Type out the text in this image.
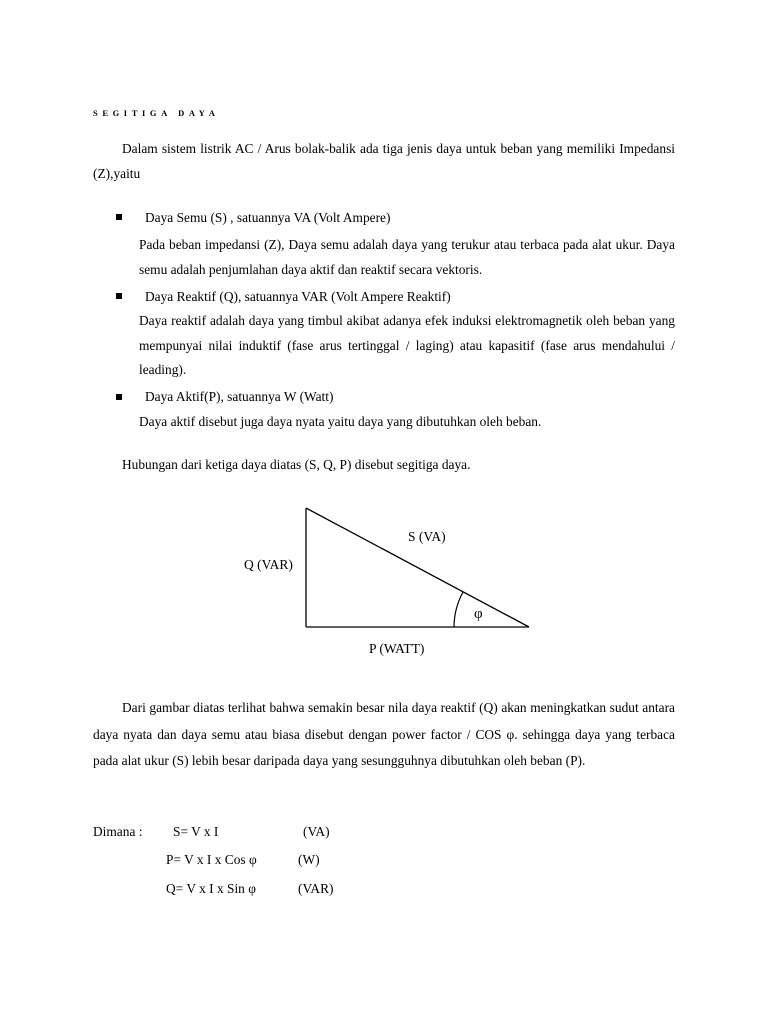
SEGITIGA DAYA

Dalam sistem listrik AC / Arus bolak-balik ada tiga jenis daya untuk beban yang memiliki Impedansi (Z),yaitu

Daya Semu (S) , satuannya VA (Volt Ampere)

Pada beban impedansi (Z), Daya semu adalah daya yang terukur atau terbaca pada alat ukur. Daya semu adalah penjumlahan daya aktif dan reaktif secara vektoris.

Daya Reaktif (Q), satuannya VAR (Volt Ampere Reaktif)

Daya reaktif adalah daya yang timbul akibat adanya efek induksi elektromagnetik oleh beban yang mempunyai nilai induktif (fase arus tertinggal / laging) atau kapasitif (fase arus mendahului / leading).

Daya Aktif(P), satuannya W (Watt)

Daya aktif disebut juga daya nyata yaitu daya yang dibutuhkan oleh beban.

Hubungan dari ketiga daya diatas (S, Q, P) disebut segitiga daya.

S (VA)
Q (VAR)
P (WATT)
φ

Dari gambar diatas terlihat bahwa semakin besar nila daya reaktif (Q) akan meningkatkan sudut antara daya nyata dan daya semu atau biasa disebut dengan power factor / COS φ. sehingga daya yang terbaca pada alat ukur (S) lebih besar daripada daya yang sesungguhnya dibutuhkan oleh beban (P).

Dimana : S= V x I	(VA)

P= V x I x Cos φ	(W)

Q= V x I x Sin φ	(VAR)
